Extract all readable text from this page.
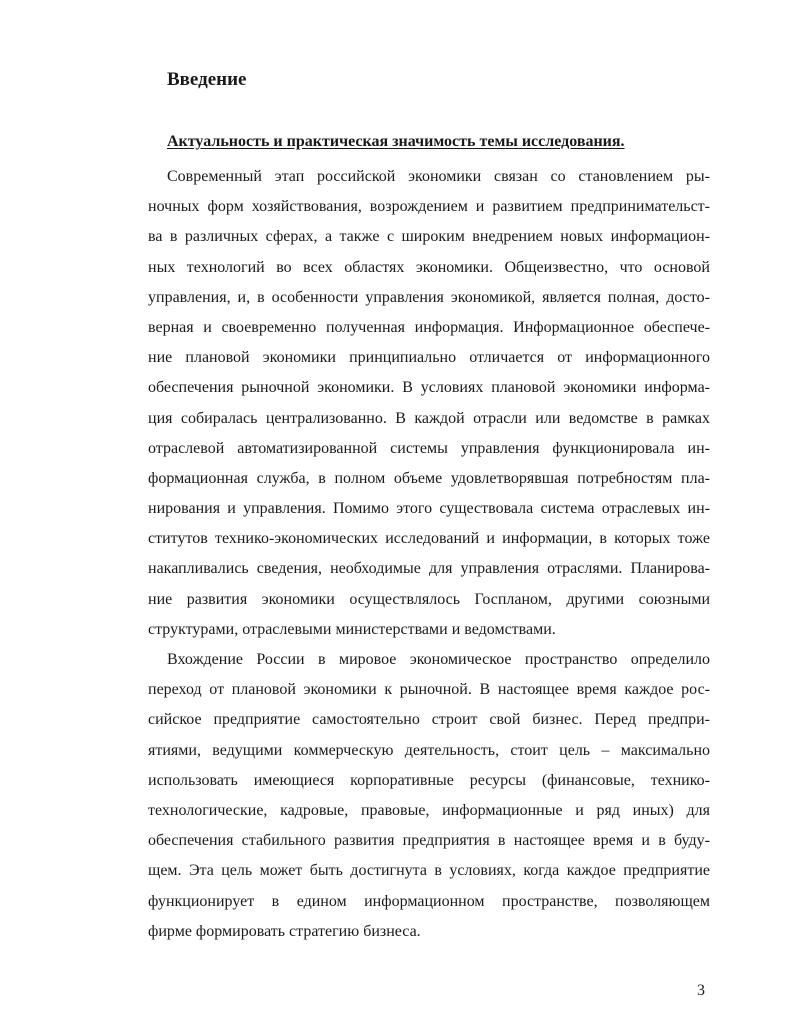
Введение
Актуальность и практическая значимость темы исследования.

Современный этап российской экономики связан со становлением ры-
ночных форм хозяйствования, возрождением и развитием предпринимательст-
ва в различных сферах, а также с широким внедрением новых информацион-
ных технологий во всех областях экономики. Общеизвестно, что основой
управления, и, в особенности управления экономикой, является полная, досто-
верная и своевременно полученная информация. Информационное обеспече-
ние плановой экономики принципиально отличается от информационного
обеспечения рыночной экономики. В условиях плановой экономики информа-
ция собиралась централизованно. В каждой отрасли или ведомстве в рамках
отраслевой автоматизированной системы управления функционировала ин-
формационная служба, в полном объеме удовлетворявшая потребностям пла-
нирования и управления. Помимо этого существовала система отраслевых ин-
ститутов технико-экономических исследований и информации, в которых тоже
накапливались сведения, необходимые для управления отраслями. Планирова-
ние развития экономики осуществлялось Госпланом, другими союзными
структурами, отраслевыми министерствами и ведомствами.

Вхождение России в мировое экономическое пространство определило
переход от плановой экономики к рыночной. В настоящее время каждое рос-
сийское предприятие самостоятельно строит свой бизнес. Перед предпри-
ятиями, ведущими коммерческую деятельность, стоит цель – максимально
использовать имеющиеся корпоративные ресурсы (финансовые, технико-
технологические, кадровые, правовые, информационные и ряд иных) для
обеспечения стабильного развития предприятия в настоящее время и в буду-
щем. Эта цель может быть достигнута в условиях, когда каждое предприятие
функционирует в едином информационном пространстве, позволяющем
фирме формировать стратегию бизнеса.

3
